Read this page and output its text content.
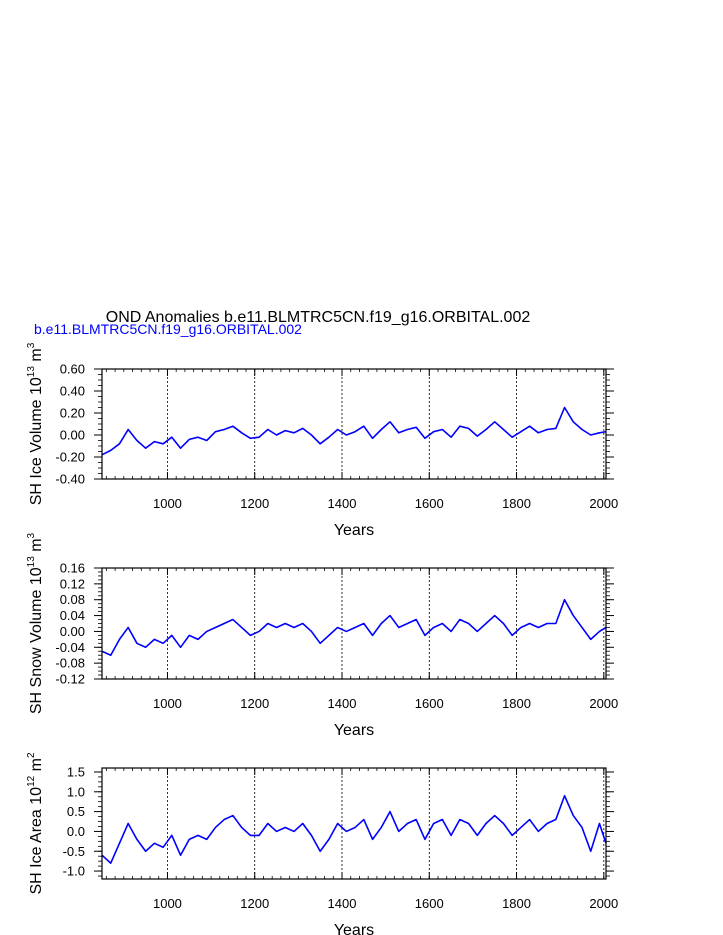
OND Anomalies b.e11.BLMTRC5CN.f19_g16.ORBITAL.002
b.e11.BLMTRC5CN.f19_g16.ORBITAL.002
1000	1200	1400	1600	1800	2000
-0.40
-0.20
0.00
0.20
0.40
0.60
Years
SH Ice Volume $10^{13}$ $m^3$
1000	1200	1400	1600	1800	2000
-0.12
-0.08
-0.04
0.00
0.04
0.08
0.12
0.16
Years
SH Snow Volume $10^{13}$ $m^3$
1000	1200	1400	1600	1800	2000
-1.0
-0.5
0.0
0.5
1.0
1.5
Years
SH Ice Area $10^{12}$ $m^2$
